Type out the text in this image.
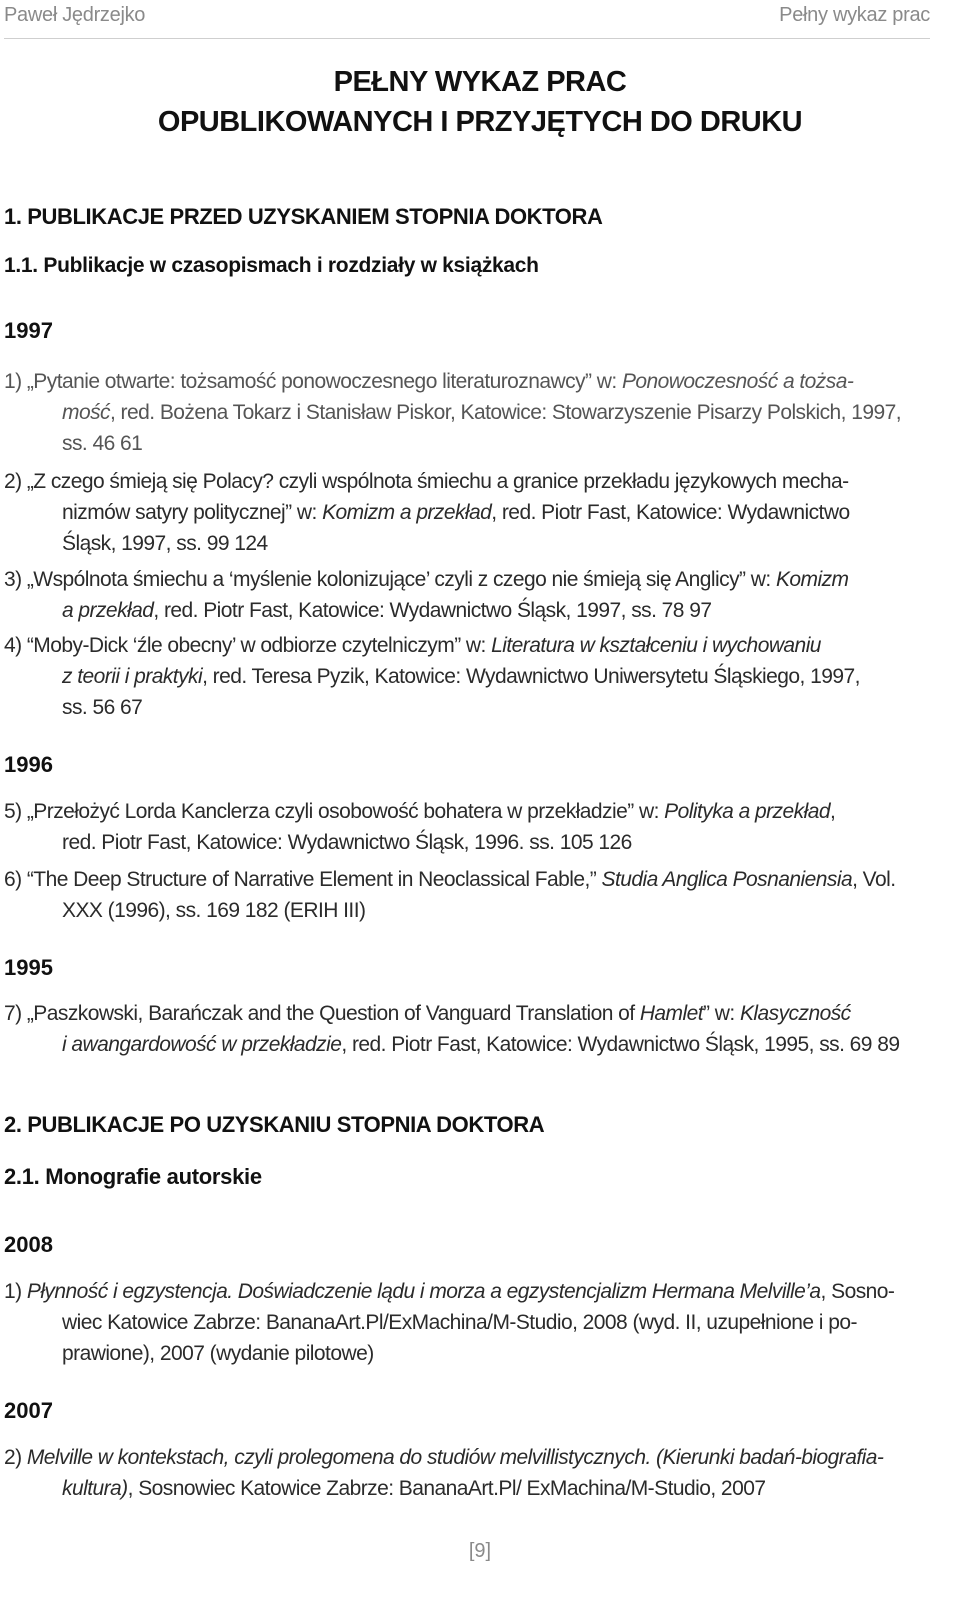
Paweł Jędrzejko	Pełny wykaz prac
PEŁNY WYKAZ PRAC
OPUBLIKOWANYCH I PRZYJĘTYCH DO DRUKU
1. PUBLIKACJE PRZED UZYSKANIEM STOPNIA DOKTORA
1.1. Publikacje w czasopismach i rozdziały w książkach
1997
1) „Pytanie otwarte: tożsamość ponowoczesnego literaturoznawcy” w: Ponowoczesność a tożsa-
mość, red. Bożena Tokarz i Stanisław Piskor, Katowice: Stowarzyszenie Pisarzy Polskich, 1997,
ss. 46 61
2) „Z czego śmieją się Polacy? czyli wspólnota śmiechu a granice przekładu językowych mecha-
nizmów satyry politycznej” w: Komizm a przekład, red. Piotr Fast, Katowice: Wydawnictwo
Śląsk, 1997, ss. 99 124
3) „Wspólnota śmiechu a ‘myślenie kolonizujące’ czyli z czego nie śmieją się Anglicy” w: Komizm
a przekład, red. Piotr Fast, Katowice: Wydawnictwo Śląsk, 1997, ss. 78 97
4) “Moby-Dick ‘źle obecny’ w odbiorze czytelniczym” w: Literatura w kształceniu i wychowaniu
z teorii i praktyki, red. Teresa Pyzik, Katowice: Wydawnictwo Uniwersytetu Śląskiego, 1997,
ss. 56 67
1996
5) „Przełożyć Lorda Kanclerza czyli osobowość bohatera w przekładzie” w: Polityka a przekład,
red. Piotr Fast, Katowice: Wydawnictwo Śląsk, 1996. ss. 105 126
6) “The Deep Structure of Narrative Element in Neoclassical Fable,” Studia Anglica Posnaniensia, Vol.
XXX (1996), ss. 169 182 (ERIH III)
1995
7) „Paszkowski, Barańczak and the Question of Vanguard Translation of Hamlet” w: Klasyczność
i awangardowość w przekładzie, red. Piotr Fast, Katowice: Wydawnictwo Śląsk, 1995, ss. 69 89
2. PUBLIKACJE PO UZYSKANIU STOPNIA DOKTORA
2.1. Monografie autorskie
2008
1) Płynność i egzystencja. Doświadczenie lądu i morza a egzystencjalizm Hermana Melville’a, Sosno-
wiec Katowice Zabrze: BananaArt.Pl/ExMachina/M-Studio, 2008 (wyd. II, uzupełnione i po-
prawione), 2007 (wydanie pilotowe)
2007
2) Melville w kontekstach, czyli prolegomena do studiów melvillistycznych. (Kierunki badań-biografia-
kultura), Sosnowiec Katowice Zabrze: BananaArt.Pl/ ExMachina/M-Studio, 2007
[9]
